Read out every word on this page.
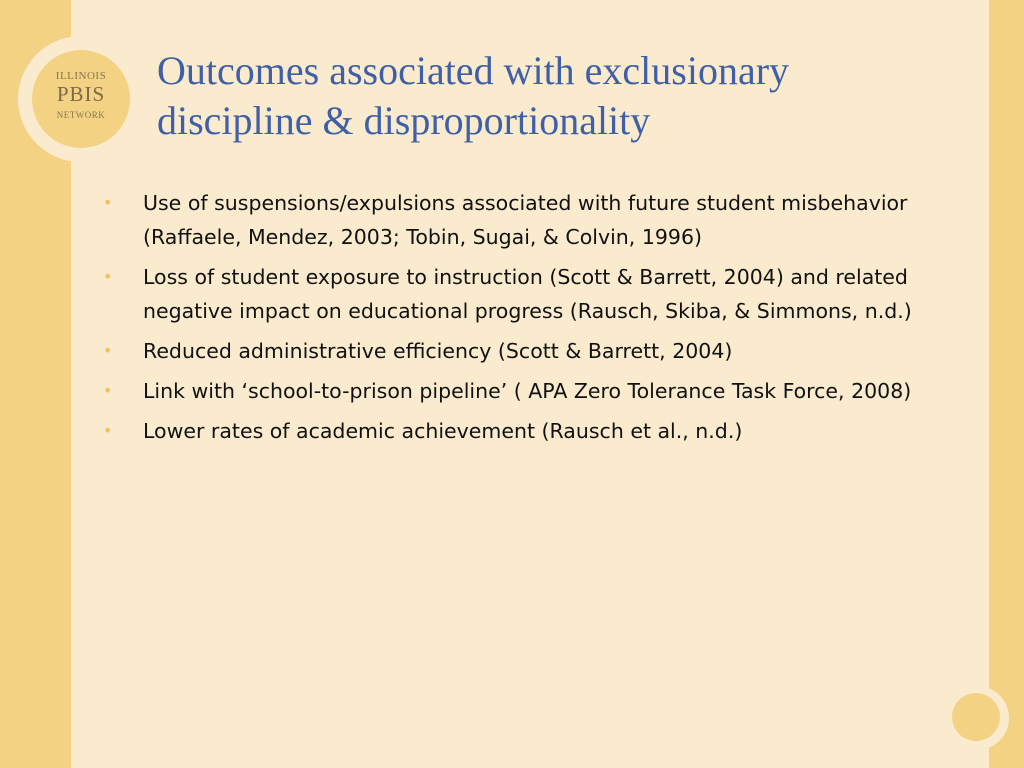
ILLINOIS
PBIS
NETWORK
Outcomes associated with exclusionary
discipline & disproportionality
• Use of suspensions/expulsions associated with future student misbehavior (Raffaele, Mendez, 2003; Tobin, Sugai, & Colvin, 1996)
• Loss of student exposure to instruction (Scott & Barrett, 2004) and related negative impact on educational progress (Rausch, Skiba, & Simmons, n.d.)
• Reduced administrative efficiency (Scott & Barrett, 2004)
• Link with ‘school-to-prison pipeline’ ( APA Zero Tolerance Task Force, 2008)
• Lower rates of academic achievement (Rausch et al., n.d.)
